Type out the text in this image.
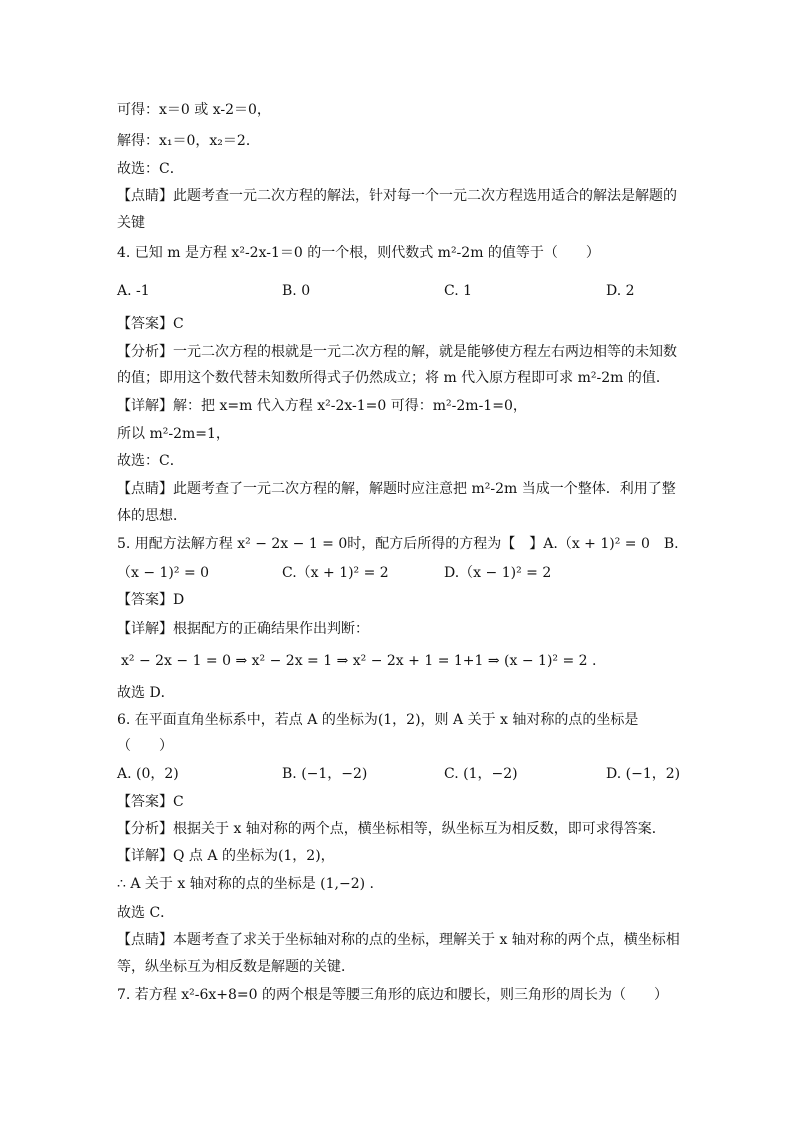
可得：x＝0 或 x-2＝0，
解得：x₁＝0，x₂＝2．
故选：C．
【点睛】此题考查一元二次方程的解法，针对每一个一元二次方程选用适合的解法是解题的
关键
4. 已知 m 是方程 x²-2x-1＝0 的一个根，则代数式 m²-2m 的值等于（　　）
A. -1	B. 0	C. 1	D. 2
【答案】C
【分析】一元二次方程的根就是一元二次方程的解，就是能够使方程左右两边相等的未知数
的值；即用这个数代替未知数所得式子仍然成立；将 m 代入原方程即可求 m²-2m 的值．
【详解】解：把 x=m 代入方程 x²-2x-1=0 可得：m²-2m-1=0，
所以 m²-2m=1，
故选：C．
【点睛】此题考查了一元二次方程的解，解题时应注意把 m²-2m 当成一个整体．利用了整
体的思想．
5. 用配方法解方程 x² − 2x − 1 = 0时，配方后所得的方程为【　】A.（x + 1)² = 0　B.
（x − 1)² = 0	C.（x + 1)² = 2	D.（x − 1)² = 2
【答案】D
【详解】根据配方的正确结果作出判断：
x² − 2x − 1 = 0 ⇒ x² − 2x = 1 ⇒ x² − 2x + 1 = 1+1 ⇒ (x − 1)² = 2 .
故选 D．
6. 在平面直角坐标系中，若点 A 的坐标为(1，2)，则 A 关于 x 轴对称的点的坐标是
（　　）
A. (0，2)	B. (−1，−2)	C. (1，−2)	D. (−1，2)
【答案】C
【分析】根据关于 x 轴对称的两个点，横坐标相等，纵坐标互为相反数，即可求得答案．
【详解】Q 点 A 的坐标为(1，2)，
∴ A 关于 x 轴对称的点的坐标是 (1,−2) .
故选 C．
【点睛】本题考查了求关于坐标轴对称的点的坐标，理解关于 x 轴对称的两个点，横坐标相
等，纵坐标互为相反数是解题的关键．
7. 若方程 x²-6x+8=0 的两个根是等腰三角形的底边和腰长，则三角形的周长为（　　）
